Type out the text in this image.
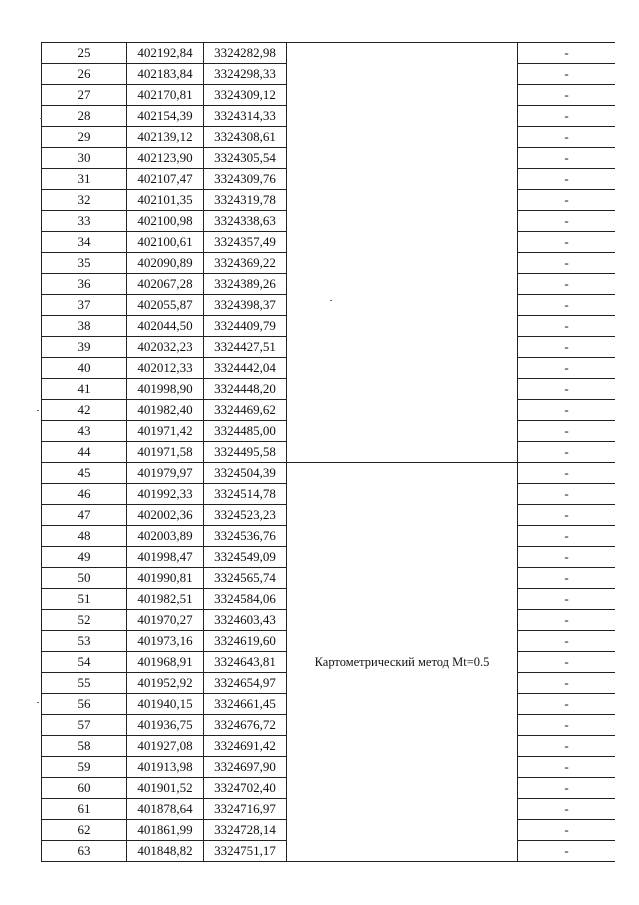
25	402192,84	3324282,98		-
26	402183,84	3324298,33		-
27	402170,81	3324309,12		-
28	402154,39	3324314,33		-
29	402139,12	3324308,61		-
30	402123,90	3324305,54		-
31	402107,47	3324309,76		-
32	402101,35	3324319,78		-
33	402100,98	3324338,63		-
34	402100,61	3324357,49		-
35	402090,89	3324369,22		-
36	402067,28	3324389,26		-
37	402055,87	3324398,37		-
38	402044,50	3324409,79		-
39	402032,23	3324427,51		-
40	402012,33	3324442,04		-
41	401998,90	3324448,20		-
42	401982,40	3324469,62		-
43	401971,42	3324485,00		-
44	401971,58	3324495,58		-
45	401979,97	3324504,39	Картометрический метод Mt=0.5	-
46	401992,33	3324514,78		-
47	402002,36	3324523,23		-
48	402003,89	3324536,76		-
49	401998,47	3324549,09		-
50	401990,81	3324565,74		-
51	401982,51	3324584,06		-
52	401970,27	3324603,43		-
53	401973,16	3324619,60		-
54	401968,91	3324643,81		-
55	401952,92	3324654,97		-
56	401940,15	3324661,45		-
57	401936,75	3324676,72		-
58	401927,08	3324691,42		-
59	401913,98	3324697,90		-
60	401901,52	3324702,40		-
61	401878,64	3324716,97		-
62	401861,99	3324728,14		-
63	401848,82	3324751,17		-
